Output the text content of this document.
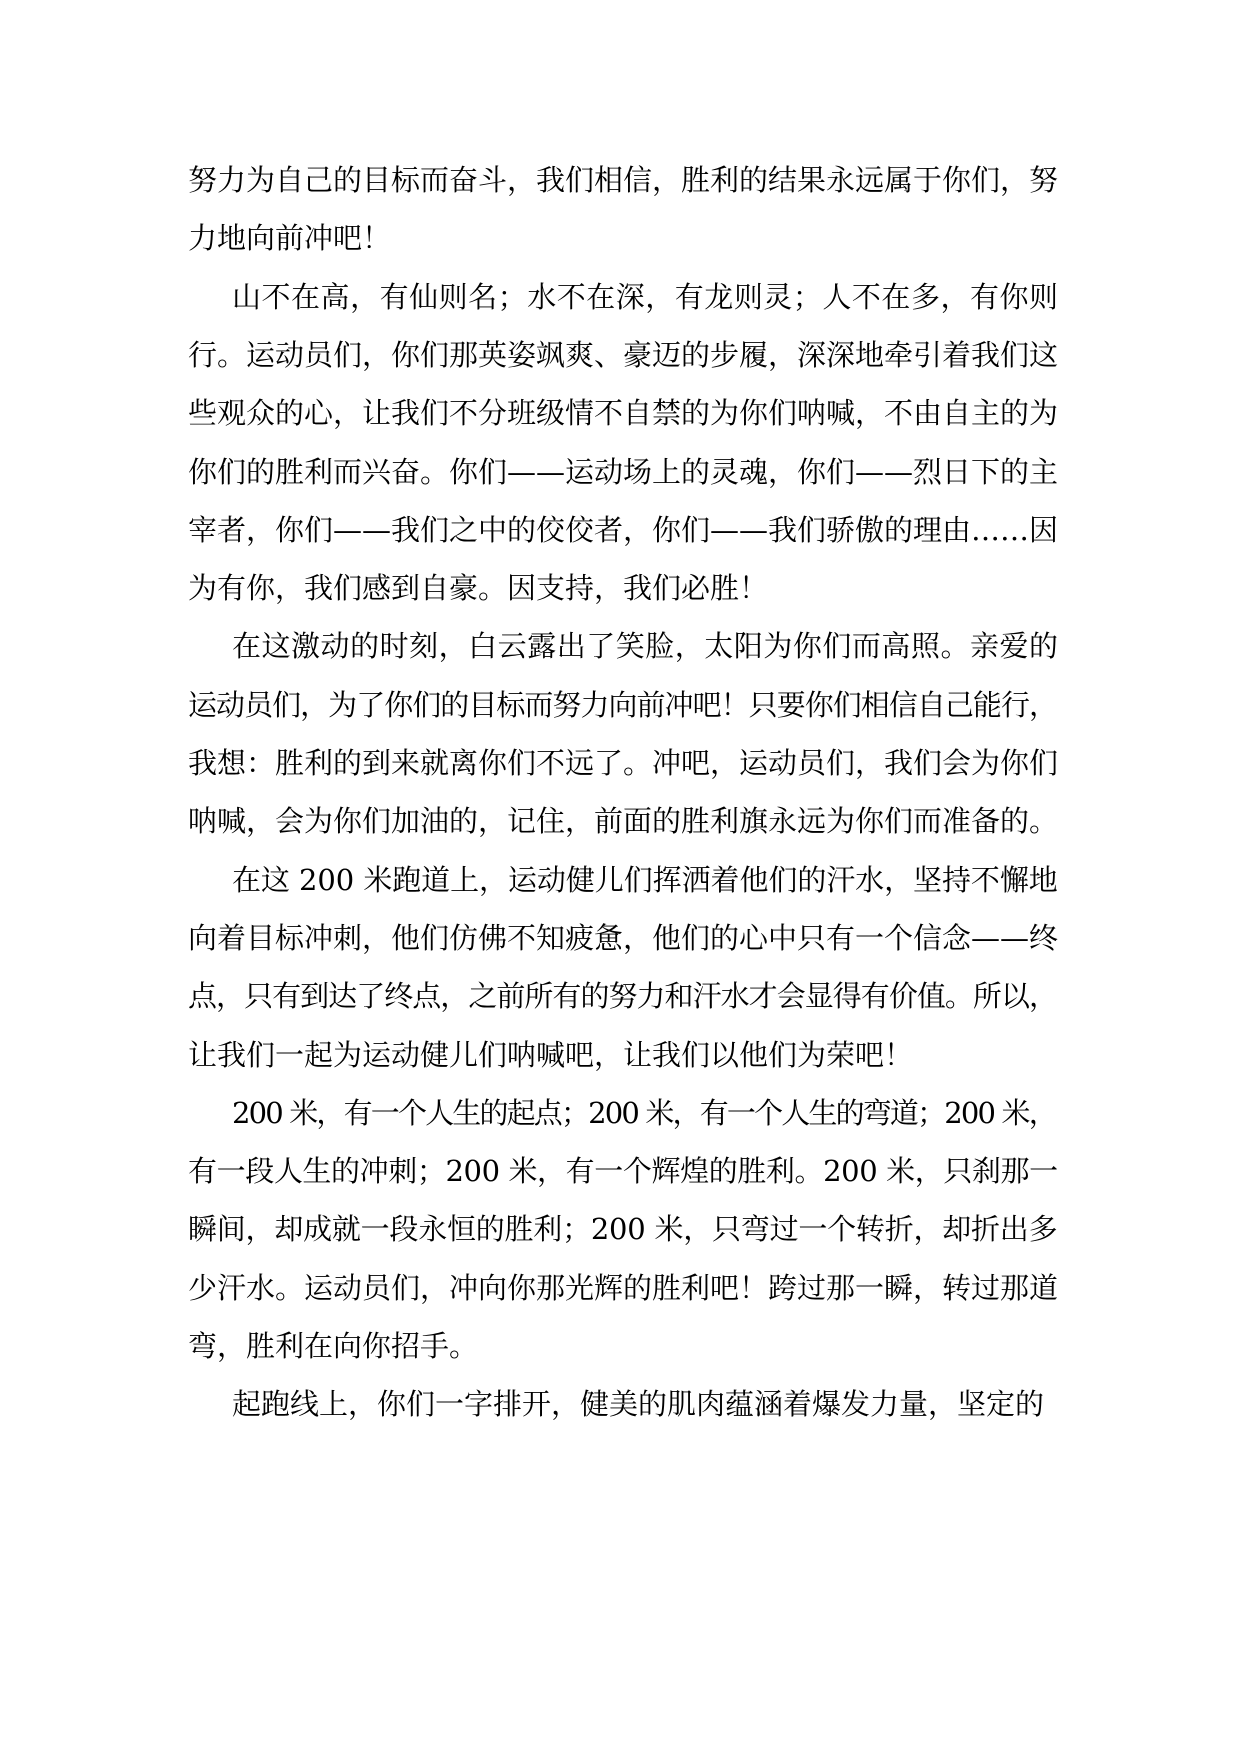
努力为自己的目标而奋斗，我们相信，胜利的结果永远属于你们，努
力地向前冲吧！
山不在高，有仙则名；水不在深，有龙则灵；人不在多，有你则
行。运动员们，你们那英姿飒爽、豪迈的步履，深深地牵引着我们这
些观众的心，让我们不分班级情不自禁的为你们呐喊，不由自主的为
你们的胜利而兴奋。你们——运动场上的灵魂，你们——烈日下的主
宰者，你们——我们之中的佼佼者，你们——我们骄傲的理由……因
为有你，我们感到自豪。因支持，我们必胜！
在这激动的时刻，白云露出了笑脸，太阳为你们而高照。亲爱的
运动员们，为了你们的目标而努力向前冲吧！只要你们相信自己能行，
我想：胜利的到来就离你们不远了。冲吧，运动员们，我们会为你们
呐喊，会为你们加油的，记住，前面的胜利旗永远为你们而准备的。
在这 200 米跑道上，运动健儿们挥洒着他们的汗水，坚持不懈地
向着目标冲刺，他们仿佛不知疲惫，他们的心中只有一个信念——终
点，只有到达了终点，之前所有的努力和汗水才会显得有价值。所以，
让我们一起为运动健儿们呐喊吧，让我们以他们为荣吧！
200 米，有一个人生的起点；200 米，有一个人生的弯道；200 米，
有一段人生的冲刺；200 米，有一个辉煌的胜利。200 米，只刹那一
瞬间，却成就一段永恒的胜利；200 米，只弯过一个转折，却折出多
少汗水。运动员们，冲向你那光辉的胜利吧！跨过那一瞬，转过那道
弯，胜利在向你招手。
起跑线上，你们一字排开，健美的肌肉蕴涵着爆发力量，坚定的
